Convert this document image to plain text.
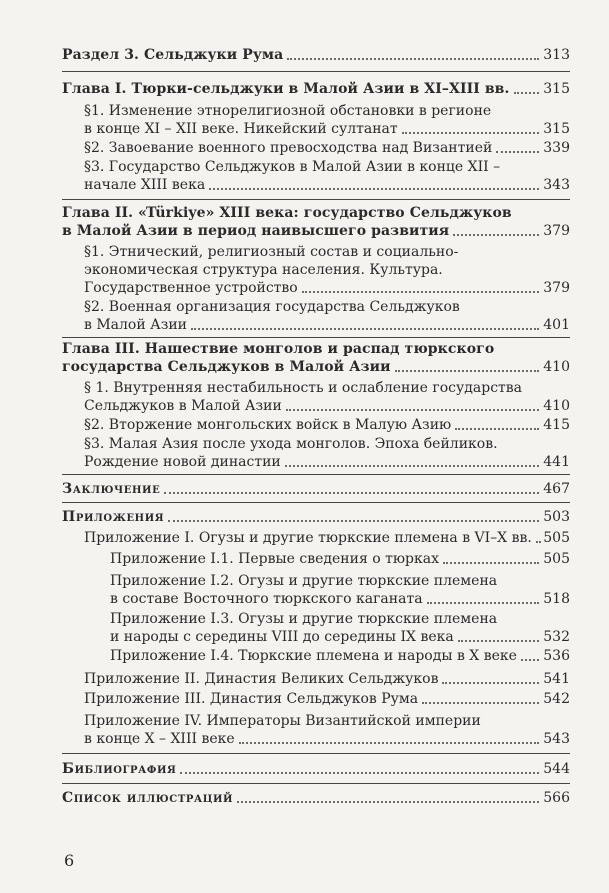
Раздел 3. Сельджуки Рума	313
Глава I. Тюрки-сельджуки в Малой Азии в XI–XIII вв. 315
§1. Изменение этнорелигиозной обстановки в регионе
в конце XI – XII веке. Никейский султанат	315
§2. Завоевание военного превосходства над Византией	339
§3. Государство Сельджуков в Малой Азии в конце XII –
начале XIII века	343
Глава II. «Türkiye» XIII века: государство Сельджуков
в Малой Азии в период наивысшего развития	379
§1. Этнический, религиозный состав и социально-
экономическая структура населения. Культура.
Государственное устройство	379
§2. Военная организация государства Сельджуков
в Малой Азии	401
Глава III. Нашествие монголов и распад тюркского
государства Сельджуков в Малой Азии	410
§ 1. Внутренняя нестабильность и ослабление государства
Сельджуков в Малой Азии	410
§2. Вторжение монгольских войск в Малую Азию	415
§3. Малая Азия после ухода монголов. Эпоха бейликов.
Рождение новой династии	441
Заключение	467
Приложения	503
Приложение I. Огузы и другие тюркские племена в VI–X вв. 505
Приложение I.1. Первые сведения о тюрках	505
Приложение I.2. Огузы и другие тюркские племена
в составе Восточного тюркского каганата	518
Приложение I.3. Огузы и другие тюркские племена
и народы с середины VIII до середины IX века	532
Приложение I.4. Тюркские племена и народы в X веке 536
Приложение II. Династия Великих Сельджуков	541
Приложение III. Династия Сельджуков Рума	542
Приложение IV. Императоры Византийской империи
в конце X – XIII веке	543
Библиография	544
Список иллюстраций	566
6
